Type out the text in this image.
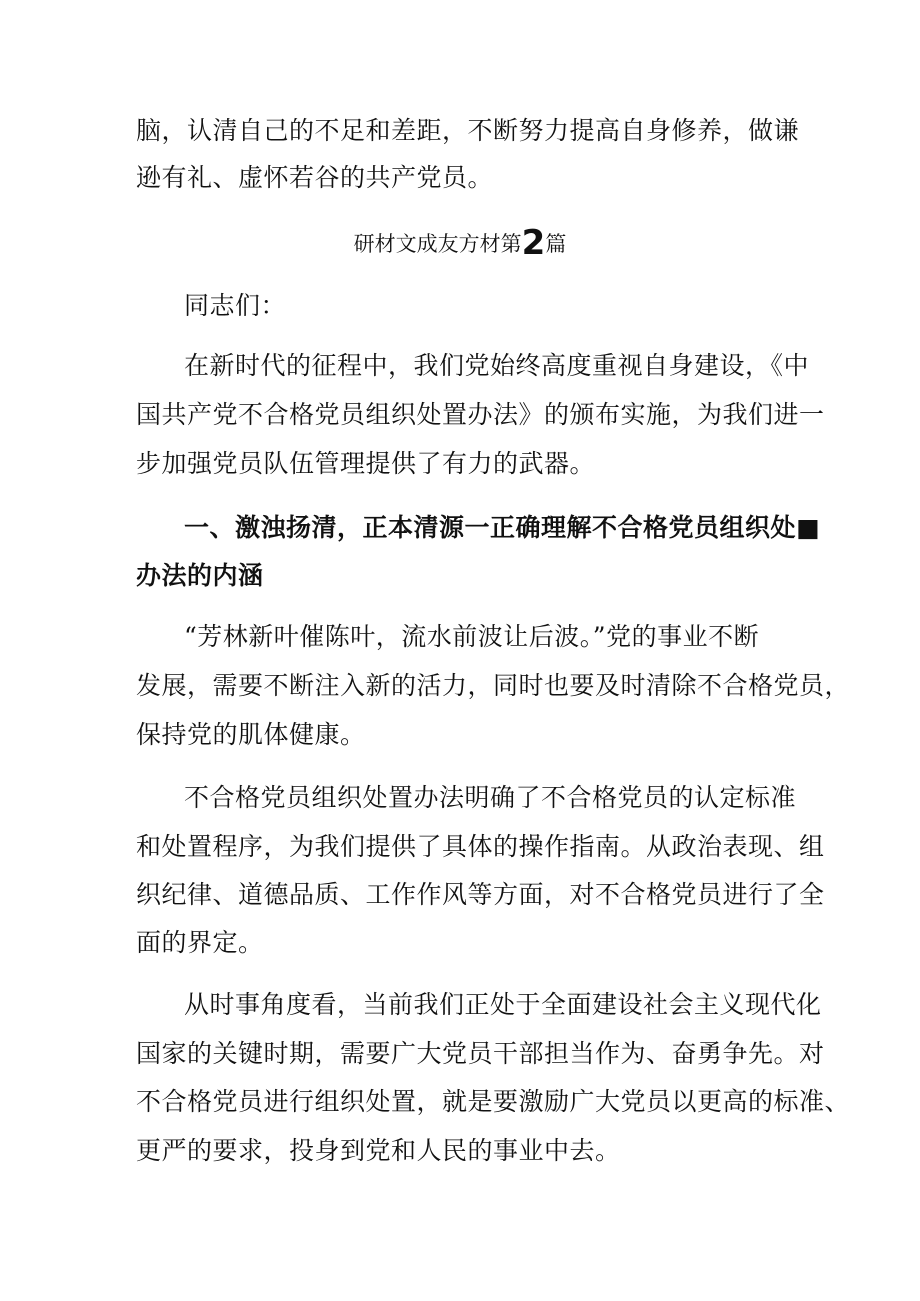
脑，认清自己的不足和差距，不断努力提高自身修养，做谦
逊有礼、虚怀若谷的共产党员。
研材文成友方材第2篇
同志们：
在新时代的征程中，我们党始终高度重视自身建设，《中
国共产党不合格党员组织处置办法》的颁布实施，为我们进一
步加强党员队伍管理提供了有力的武器。
一、激浊扬清，正本清源一正确理解不合格党员组织处■
办法的内涵
“芳林新叶催陈叶，流水前波让后波。”党的事业不断
发展，需要不断注入新的活力，同时也要及时清除不合格党员，
保持党的肌体健康。
不合格党员组织处置办法明确了不合格党员的认定标准
和处置程序，为我们提供了具体的操作指南。从政治表现、组
织纪律、道德品质、工作作风等方面，对不合格党员进行了全
面的界定。
从时事角度看，当前我们正处于全面建设社会主义现代化
国家的关键时期，需要广大党员干部担当作为、奋勇争先。对
不合格党员进行组织处置，就是要激励广大党员以更高的标准、
更严的要求，投身到党和人民的事业中去。
